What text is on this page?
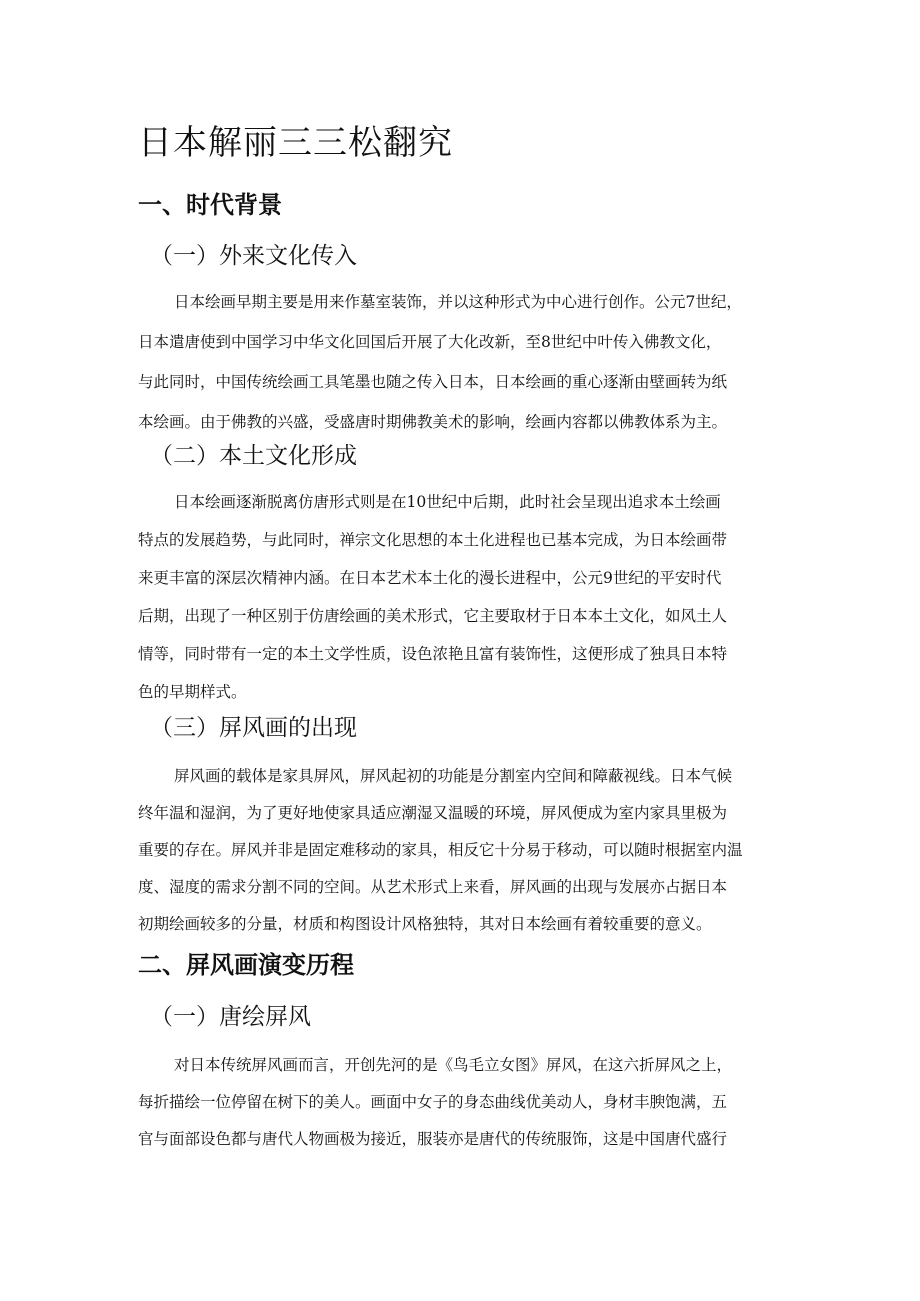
日本解丽三三松翻究
一、时代背景
（一）外来文化传入
日本绘画早期主要是用来作墓室装饰，并以这种形式为中心进行创作。公元7世纪，
日本遣唐使到中国学习中华文化回国后开展了大化改新，至8世纪中叶传入佛教文化，
与此同时，中国传统绘画工具笔墨也随之传入日本，日本绘画的重心逐渐由壁画转为纸
本绘画。由于佛教的兴盛，受盛唐时期佛教美术的影响，绘画内容都以佛教体系为主。
（二）本土文化形成
日本绘画逐渐脱离仿唐形式则是在10世纪中后期，此时社会呈现出追求本土绘画
特点的发展趋势，与此同时，禅宗文化思想的本土化进程也已基本完成，为日本绘画带
来更丰富的深层次精神内涵。在日本艺术本土化的漫长进程中，公元9世纪的平安时代
后期，出现了一种区别于仿唐绘画的美术形式，它主要取材于日本本土文化，如风土人
情等，同时带有一定的本土文学性质，设色浓艳且富有装饰性，这便形成了独具日本特
色的早期样式。
（三）屏风画的出现
屏风画的载体是家具屏风，屏风起初的功能是分割室内空间和障蔽视线。日本气候
终年温和湿润，为了更好地使家具适应潮湿又温暖的环境，屏风便成为室内家具里极为
重要的存在。屏风并非是固定难移动的家具，相反它十分易于移动，可以随时根据室内温
度、湿度的需求分割不同的空间。从艺术形式上来看，屏风画的出现与发展亦占据日本
初期绘画较多的分量，材质和构图设计风格独特，其对日本绘画有着较重要的意义。
二、屏风画演变历程
（一）唐绘屏风
对日本传统屏风画而言，开创先河的是《鸟毛立女图》屏风，在这六折屏风之上，
每折描绘一位停留在树下的美人。画面中女子的身态曲线优美动人，身材丰腴饱满，五
官与面部设色都与唐代人物画极为接近，服装亦是唐代的传统服饰，这是中国唐代盛行
